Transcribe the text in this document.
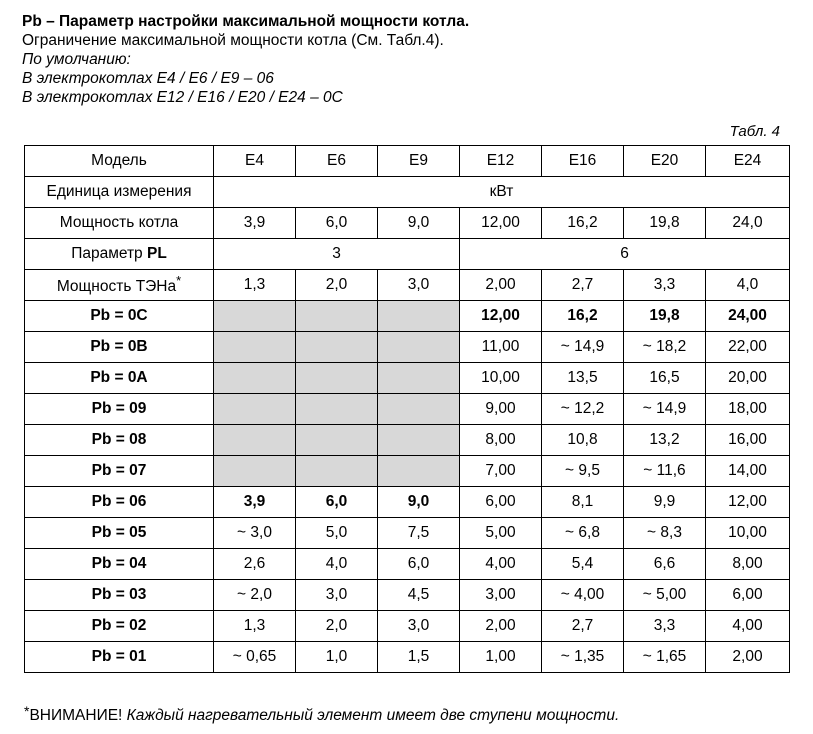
Pb – Параметр настройки максимальной мощности котла.
Ограничение максимальной мощности котла (См. Табл.4).
По умолчанию:
В электрокотлах E4 / E6 / E9 – 06
В электрокотлах E12 / E16 / E20 / E24 – 0C
Табл. 4
Модель	E4	E6	E9	E12	E16	E20	E24
Единица измерения	кВт						
Мощность котла	3,9	6,0	9,0	12,00	16,2	19,8	24,0
Параметр PL	3			6			
Мощность ТЭНа*	1,3	2,0	3,0	2,00	2,7	3,3	4,0
Pb = 0C				12,00	16,2	19,8	24,00
Pb = 0B				11,00	~ 14,9	~ 18,2	22,00
Pb = 0A				10,00	13,5	16,5	20,00
Pb = 09				9,00	~ 12,2	~ 14,9	18,00
Pb = 08				8,00	10,8	13,2	16,00
Pb = 07				7,00	~ 9,5	~ 11,6	14,00
Pb = 06	3,9	6,0	9,0	6,00	8,1	9,9	12,00
Pb = 05	~ 3,0	5,0	7,5	5,00	~ 6,8	~ 8,3	10,00
Pb = 04	2,6	4,0	6,0	4,00	5,4	6,6	8,00
Pb = 03	~ 2,0	3,0	4,5	3,00	~ 4,00	~ 5,00	6,00
Pb = 02	1,3	2,0	3,0	2,00	2,7	3,3	4,00
Pb = 01	~ 0,65	1,0	1,5	1,00	~ 1,35	~ 1,65	2,00
*ВНИМАНИЕ! Каждый нагревательный элемент имеет две ступени мощности.
